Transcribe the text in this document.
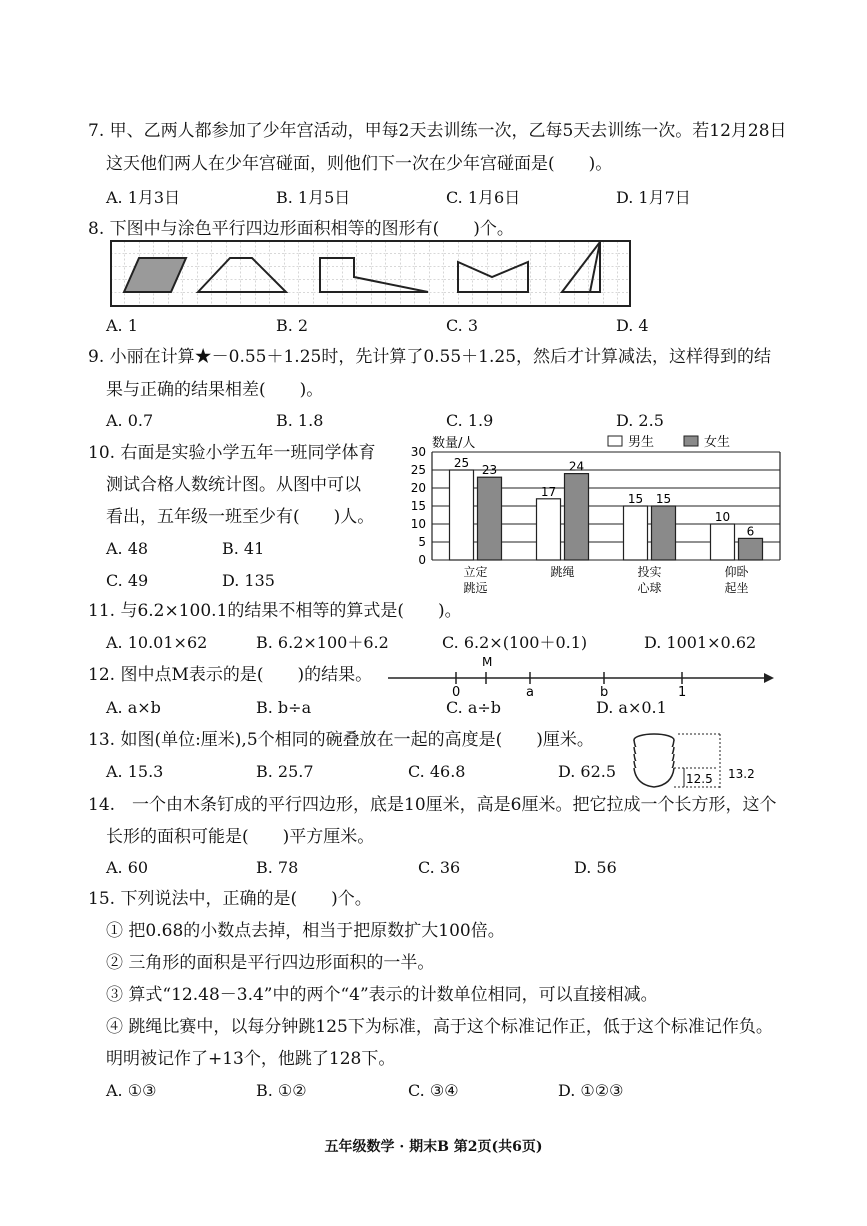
7. 甲、乙两人都参加了少年宫活动，甲每2天去训练一次，乙每5天去训练一次。若12月28日
这天他们两人在少年宫碰面，则他们下一次在少年宫碰面是(　　)。
A. 1月3日	B. 1月5日	C. 1月6日	D. 1月7日
8. 下图中与涂色平行四边形面积相等的图形有(　　)个。
A. 1	B. 2	C. 3	D. 4
9. 小丽在计算★－0.55＋1.25时，先计算了0.55＋1.25，然后才计算减法，这样得到的结
果与正确的结果相差(　　)。
A. 0.7	B. 1.8	C. 1.9	D. 2.5
10. 右面是实验小学五年一班同学体育
测试合格人数统计图。从图中可以
看出，五年级一班至少有(　　)人。
A. 48	B. 41
C. 49	D. 135
数量/人	男生	女生
0
5
10
15
20
25
30
25
23
立定
跳远
17
24
跳绳
15 15
投实
心球
10
6
仰卧
起坐
11. 与6.2×100.1的结果不相等的算式是(　　)。
A. 10.01×62	B. 6.2×100＋6.2	C. 6.2×(100＋0.1)	D. 1001×0.62
12. 图中点M表示的是(　　)的结果。
M
0	a	b	1
A. a×b	B. b÷a	C. a÷b	D. a×0.1
13. 如图(单位:厘米),5个相同的碗叠放在一起的高度是(　　)厘米。
12.5 13.2
A. 15.3	B. 25.7	C. 46.8	D. 62.5
14.　一个由木条钉成的平行四边形，底是10厘米，高是6厘米。把它拉成一个长方形，这个
长形的面积可能是(　　)平方厘米。
A. 60	B. 78	C. 36	D. 56
15. 下列说法中，正确的是(　　)个。
① 把0.68的小数点去掉，相当于把原数扩大100倍。
② 三角形的面积是平行四边形面积的一半。
③ 算式“12.48－3.4”中的两个“4”表示的计数单位相同，可以直接相减。
④ 跳绳比赛中，以每分钟跳125下为标准，高于这个标准记作正，低于这个标准记作负。
明明被记作了+13个，他跳了128下。
A. ①③	B. ①②	C. ③④	D. ①②③
五年级数学 · 期末B 第2页(共6页)
